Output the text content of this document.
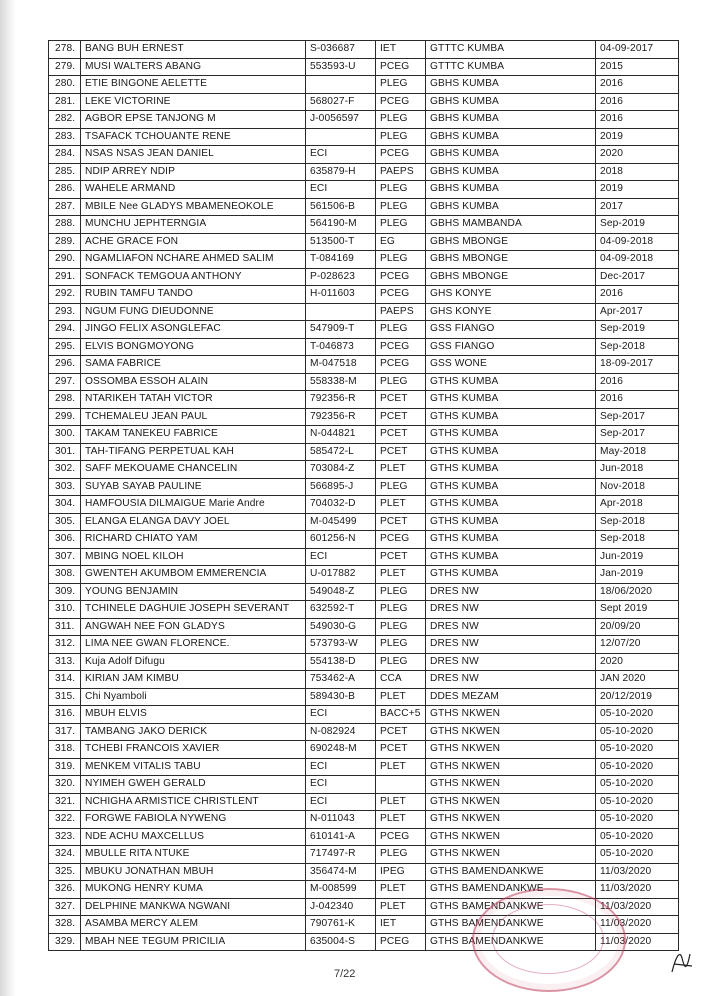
278.	BANG BUH ERNEST	S-036687	IET	GTTTC KUMBA	04-09-2017
279.	MUSI WALTERS ABANG	553593-U	PCEG	GTTTC KUMBA	2015
280.	ETIE BINGONE AELETTE		PLEG	GBHS KUMBA	2016
281.	LEKE VICTORINE	568027-F	PCEG	GBHS KUMBA	2016
282.	AGBOR EPSE TANJONG M	J-0056597	PLEG	GBHS KUMBA	2016
283.	TSAFACK TCHOUANTE RENE		PLEG	GBHS KUMBA	2019
284.	NSAS NSAS JEAN DANIEL	ECI	PCEG	GBHS KUMBA	2020
285.	NDIP ARREY NDIP	635879-H	PAEPS	GBHS KUMBA	2018
286.	WAHELE ARMAND	ECI	PLEG	GBHS KUMBA	2019
287.	MBILE Nee GLADYS MBAMENEOKOLE	561506-B	PLEG	GBHS KUMBA	2017
288.	MUNCHU JEPHTERNGIA	564190-M	PLEG	GBHS MAMBANDA	Sep-2019
289.	ACHE GRACE FON	513500-T	EG	GBHS MBONGE	04-09-2018
290.	NGAMLIAFON NCHARE AHMED SALIM	T-084169	PLEG	GBHS MBONGE	04-09-2018
291.	SONFACK TEMGOUA ANTHONY	P-028623	PCEG	GBHS MBONGE	Dec-2017
292.	RUBIN TAMFU TANDO	H-011603	PCEG	GHS KONYE	2016
293.	NGUM FUNG DIEUDONNE		PAEPS	GHS KONYE	Apr-2017
294.	JINGO FELIX ASONGLEFAC	547909-T	PLEG	GSS FIANGO	Sep-2019
295.	ELVIS BONGMOYONG	T-046873	PCEG	GSS FIANGO	Sep-2018
296.	SAMA FABRICE	M-047518	PCEG	GSS WONE	18-09-2017
297.	OSSOMBA ESSOH ALAIN	558338-M	PLEG	GTHS KUMBA	2016
298.	NTARIKEH TATAH VICTOR	792356-R	PCET	GTHS KUMBA	2016
299.	TCHEMALEU JEAN PAUL	792356-R	PCET	GTHS KUMBA	Sep-2017
300.	TAKAM TANEKEU FABRICE	N-044821	PCET	GTHS KUMBA	Sep-2017
301.	TAH-TIFANG PERPETUAL KAH	585472-L	PCET	GTHS KUMBA	May-2018
302.	SAFF MEKOUAME CHANCELIN	703084-Z	PLET	GTHS KUMBA	Jun-2018
303.	SUYAB SAYAB PAULINE	566895-J	PLEG	GTHS KUMBA	Nov-2018
304.	HAMFOUSIA DILMAIGUE Marie Andre	704032-D	PLET	GTHS KUMBA	Apr-2018
305.	ELANGA ELANGA DAVY JOEL	M-045499	PCET	GTHS KUMBA	Sep-2018
306.	RICHARD CHIATO YAM	601256-N	PCEG	GTHS KUMBA	Sep-2018
307.	MBING NOEL KILOH	ECI	PCET	GTHS KUMBA	Jun-2019
308.	GWENTEH AKUMBOM EMMERENCIA	U-017882	PLET	GTHS KUMBA	Jan-2019
309.	YOUNG BENJAMIN	549048-Z	PLEG	DRES NW	18/06/2020
310.	TCHINELE DAGHUIE JOSEPH SEVERANT	632592-T	PLEG	DRES NW	Sept 2019
311.	ANGWAH NEE FON GLADYS	549030-G	PLEG	DRES NW	20/09/20
312.	LIMA NEE GWAN FLORENCE.	573793-W	PLEG	DRES NW	12/07/20
313.	Kuja Adolf Difugu	554138-D	PLEG	DRES NW	2020
314.	KIRIAN JAM KIMBU	753462-A	CCA	DRES NW	JAN 2020
315.	Chi Nyamboli	589430-B	PLET	DDES MEZAM	20/12/2019
316.	MBUH ELVIS	ECI	BACC+5	GTHS NKWEN	05-10-2020
317.	TAMBANG JAKO DERICK	N-082924	PCET	GTHS NKWEN	05-10-2020
318.	TCHEBI FRANCOIS XAVIER	690248-M	PCET	GTHS NKWEN	05-10-2020
319.	MENKEM VITALIS TABU	ECI	PLET	GTHS NKWEN	05-10-2020
320.	NYIMEH GWEH GERALD	ECI		GTHS NKWEN	05-10-2020
321.	NCHIGHA ARMISTICE CHRISTLENT	ECI	PLET	GTHS NKWEN	05-10-2020
322.	FORGWE FABIOLA NYWENG	N-011043	PLET	GTHS NKWEN	05-10-2020
323.	NDE ACHU MAXCELLUS	610141-A	PCEG	GTHS NKWEN	05-10-2020
324.	MBULLE RITA NTUKE	717497-R	PLEG	GTHS NKWEN	05-10-2020
325.	MBUKU JONATHAN MBUH	356474-M	IPEG	GTHS BAMENDANKWE	11/03/2020
326.	MUKONG HENRY KUMA	M-008599	PLET	GTHS BAMENDANKWE	11/03/2020
327.	DELPHINE MANKWA NGWANI	J-042340	PLET	GTHS BAMENDANKWE	11/03/2020
328.	ASAMBA MERCY ALEM	790761-K	IET	GTHS BAMENDANKWE	11/03/2020
329.	MBAH NEE TEGUM PRICILIA	635004-S	PCEG	GTHS BAMENDANKWE	11/03/2020
7/22
